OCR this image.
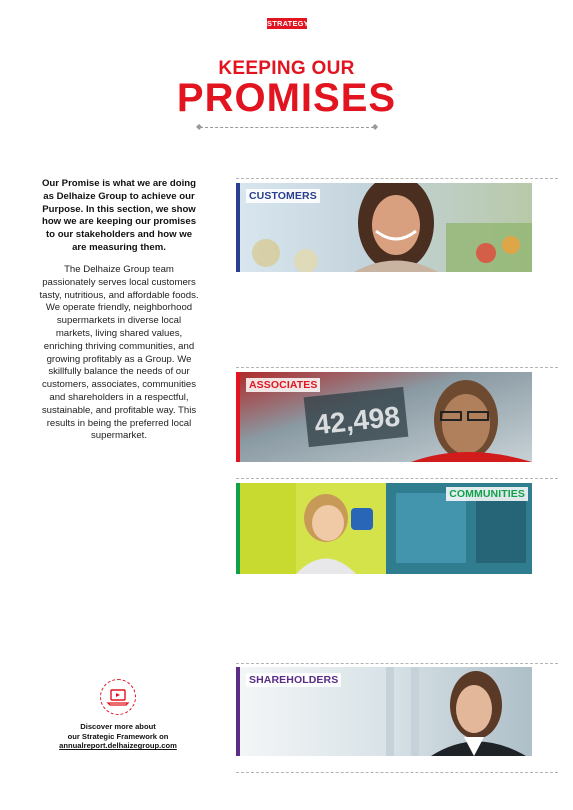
STRATEGY
KEEPING OUR
PROMISES
◆	◆
Our Promise is what we are doing as Delhaize Group to achieve our Purpose. In this section, we show how we are keeping our promises to our stakeholders and how we are measuring them.
The Delhaize Group team passionately serves local customers tasty, nutritious, and affordable foods. We operate friendly, neighborhood supermarkets in diverse local markets, living shared values, enriching thriving communities, and growing profitably as a Group. We skillfully balance the needs of our customers, associates, communities and shareholders in a respectful, sustainable, and profitable way. This results in being the preferred local supermarket.
CUSTOMERS
42,498
ASSOCIATES
COMMUNITIES
SHAREHOLDERS
Discover more about
our Strategic Framework on
annualreport.delhaizegroup.com
